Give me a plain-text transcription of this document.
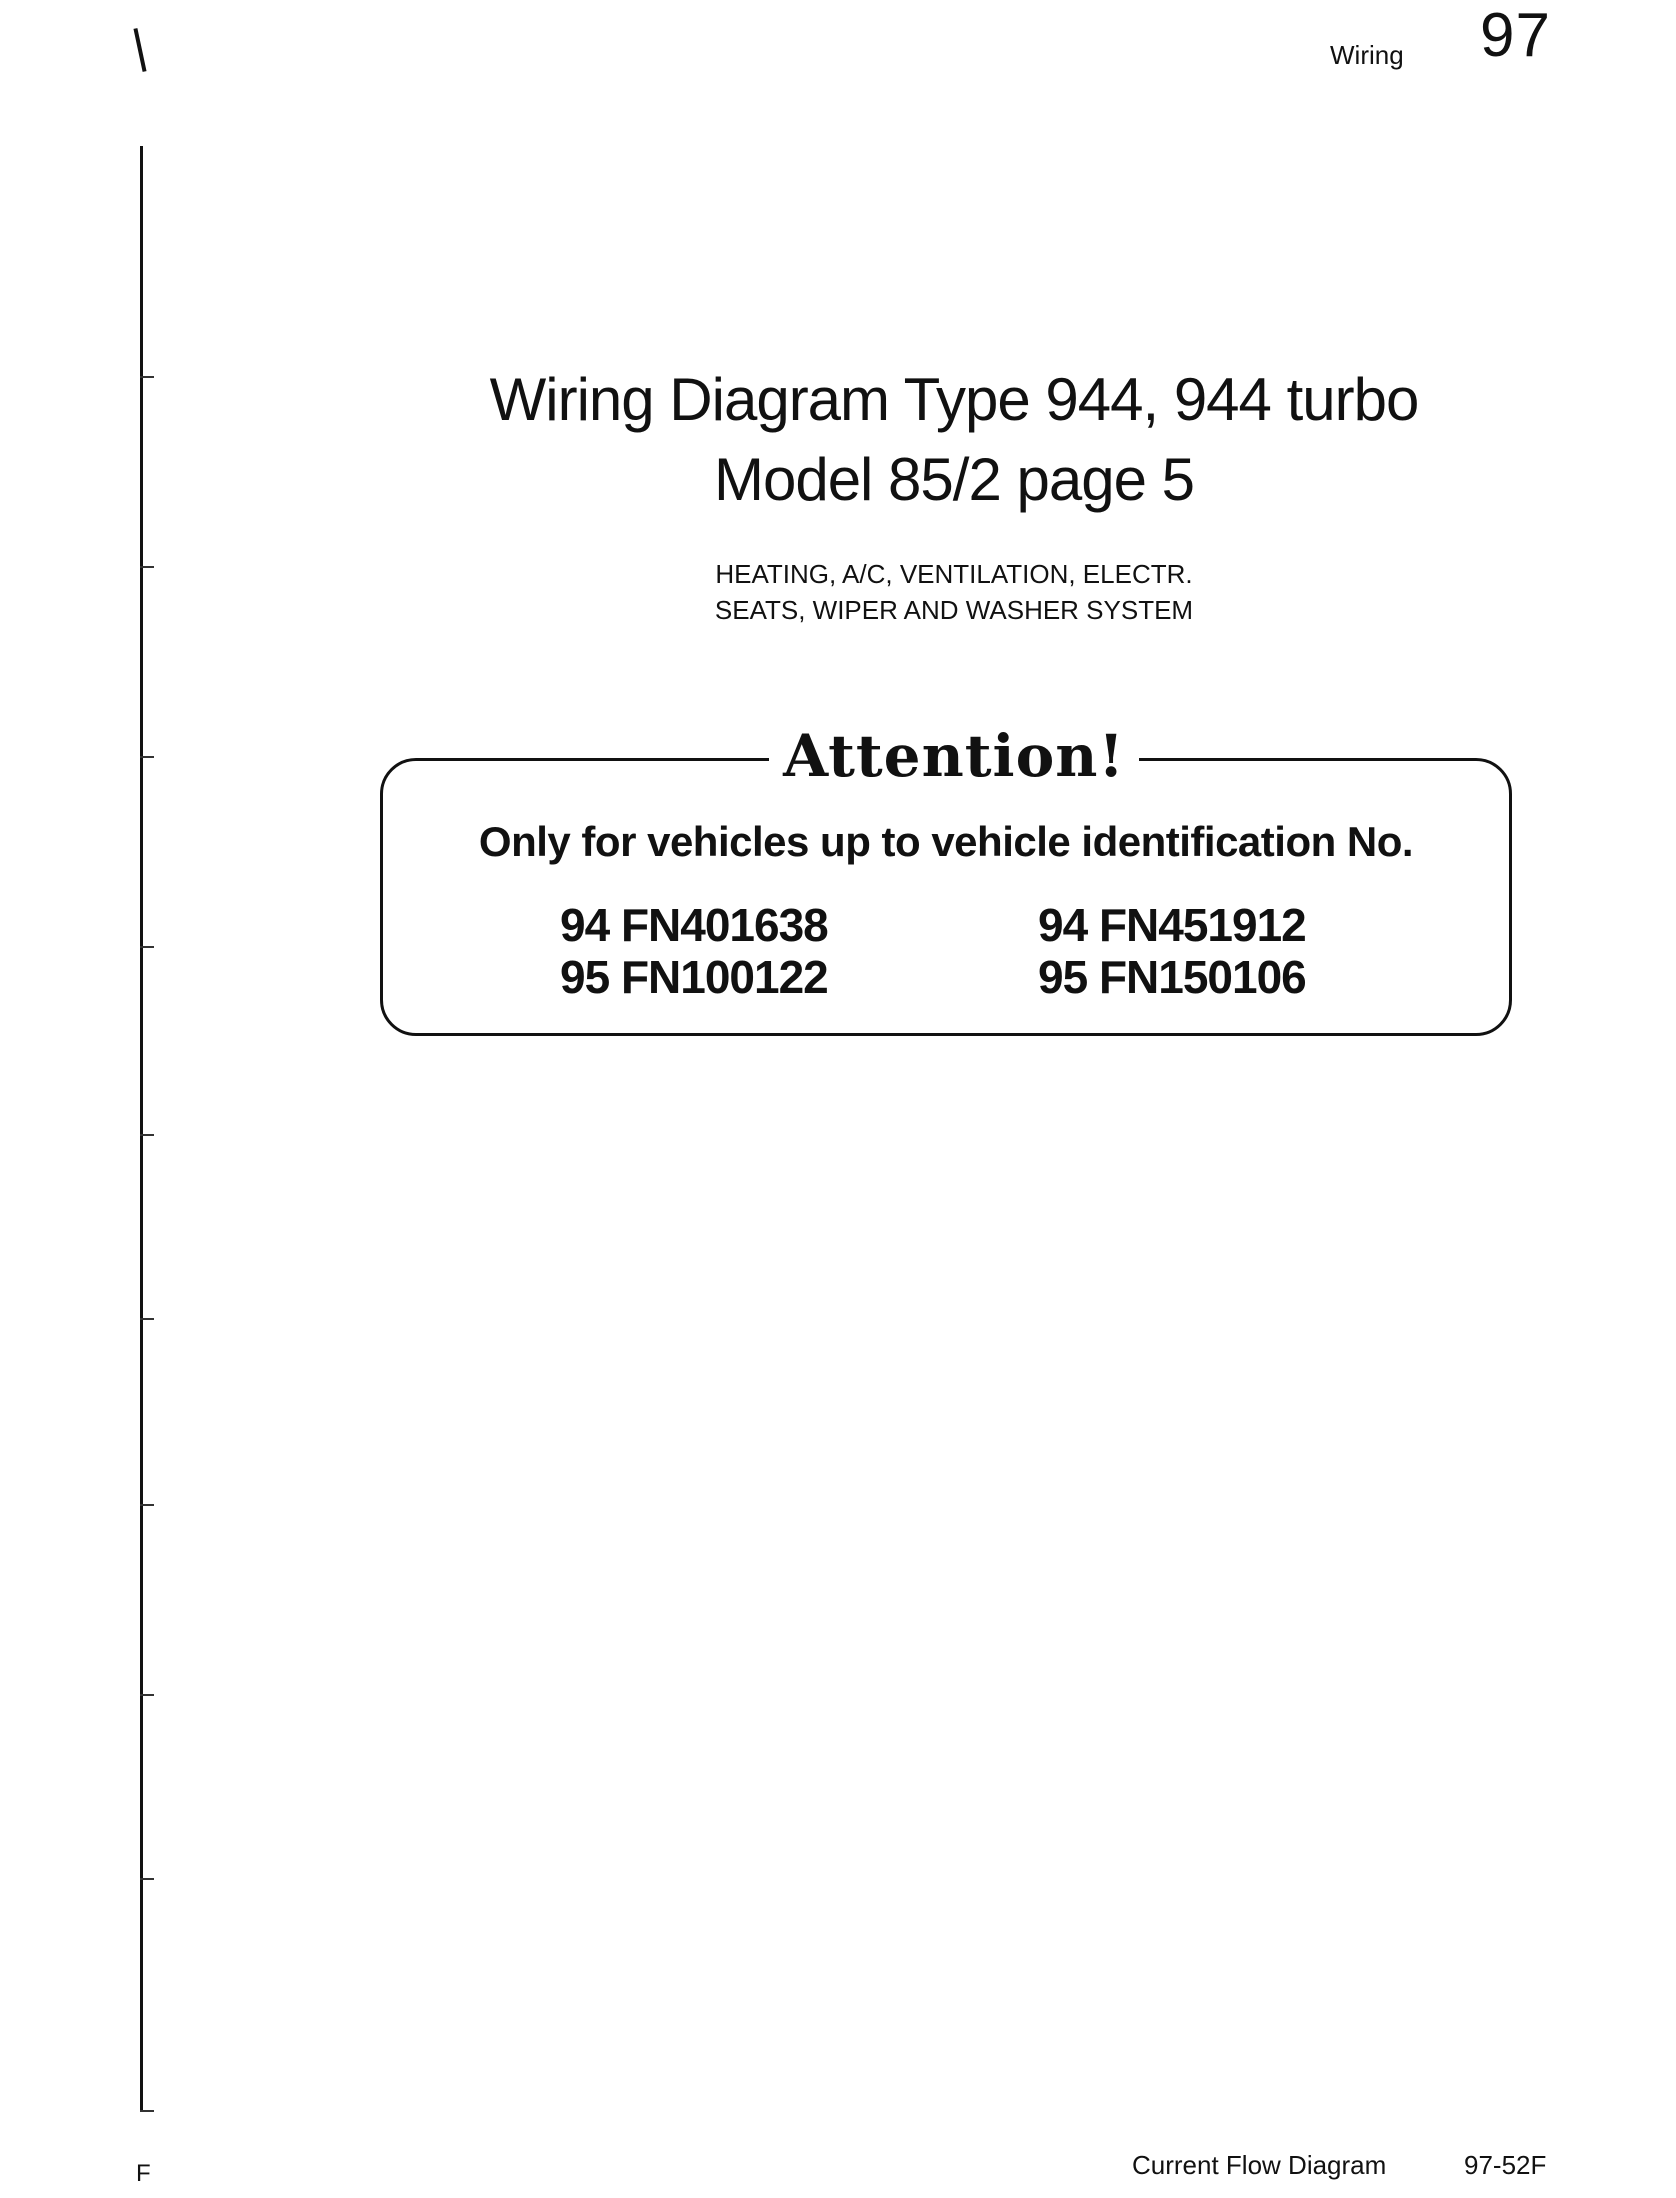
F
Wiring 97
Wiring Diagram Type 944, 944 turbo
Model 85/2 page 5
HEATING, A/C, VENTILATION, ELECTR.
SEATS, WIPER AND WASHER SYSTEM
Attention!
Only for vehicles up to vehicle identification No.
94 FN401638	94 FN451912
95 FN100122	95 FN150106
Current Flow Diagram	97-52F
